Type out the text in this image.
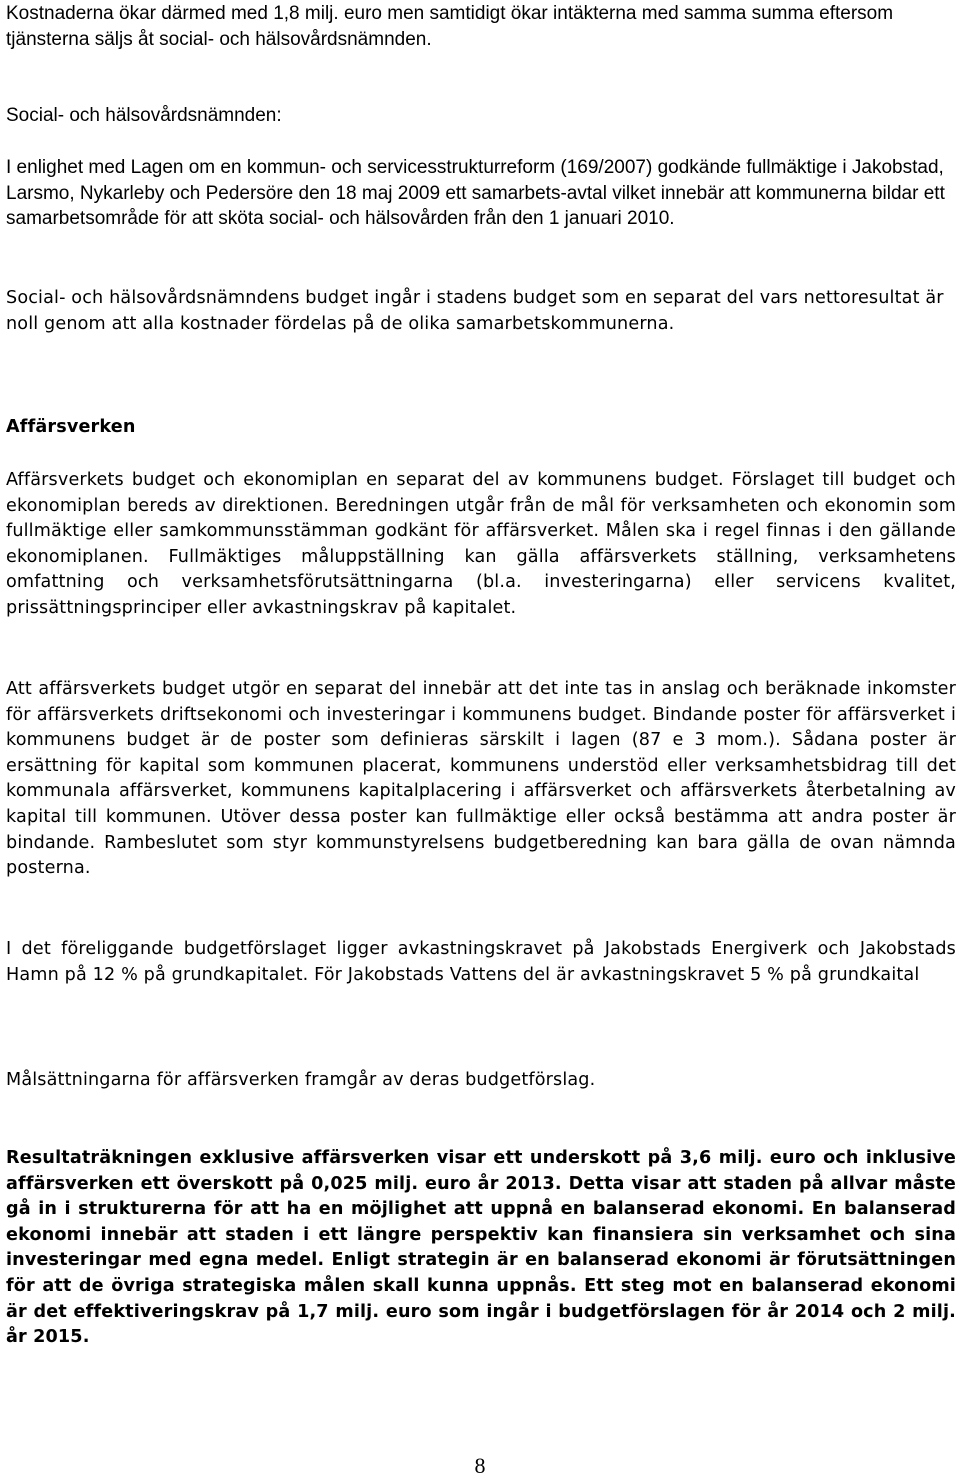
Kostnaderna ökar därmed med 1,8 milj. euro men samtidigt ökar intäkterna med samma summa eftersom tjänsterna säljs åt social- och hälsovårdsnämnden.

Social- och hälsovårdsnämnden:

I enlighet med Lagen om en kommun- och servicesstrukturreform (169/2007) godkände fullmäktige i Jakobstad, Larsmo, Nykarleby och Pedersöre den 18 maj 2009 ett samarbets-avtal vilket innebär att kommunerna bildar ett samarbetsområde för att sköta social- och hälsovården från den 1 januari 2010.

Social- och hälsovårdsnämndens budget ingår i stadens budget som en separat del vars nettoresultat är noll genom att alla kostnader fördelas på de olika samarbetskommunerna.

Affärsverken

Affärsverkets budget och ekonomiplan en separat del av kommunens budget. Förslaget till budget och ekonomiplan bereds av direktionen. Beredningen utgår från de mål för verksamheten och ekonomin som fullmäktige eller samkommunsstämman godkänt för affärsverket. Målen ska i regel finnas i den gällande ekonomiplanen. Fullmäktiges måluppställning kan gälla affärsverkets ställning, verksamhetens omfattning och verksamhetsförutsättningarna (bl.a. investeringarna) eller servicens kvalitet, prissättningsprinciper eller avkastningskrav på kapitalet.

Att affärsverkets budget utgör en separat del innebär att det inte tas in anslag och beräknade inkomster för affärsverkets driftsekonomi och investeringar i kommunens budget. Bindande poster för affärsverket i kommunens budget är de poster som definieras särskilt i lagen (87 e 3 mom.). Sådana poster är ersättning för kapital som kommunen placerat, kommunens understöd eller verksamhetsbidrag till det kommunala affärsverket, kommunens kapitalplacering i affärsverket och affärsverkets återbetalning av kapital till kommunen. Utöver dessa poster kan fullmäktige eller också bestämma att andra poster är bindande. Rambeslutet som styr kommunstyrelsens budgetberedning kan bara gälla de ovan nämnda posterna.

I det föreliggande budgetförslaget ligger avkastningskravet på Jakobstads Energiverk och Jakobstads Hamn på 12 % på grundkapitalet. För Jakobstads Vattens del är avkastningskravet 5 % på grundkaital

Målsättningarna för affärsverken framgår av deras budgetförslag.

Resultaträkningen exklusive affärsverken visar ett underskott på 3,6 milj. euro och inklusive affärsverken ett överskott på 0,025 milj. euro år 2013. Detta visar att staden på allvar måste gå in i strukturerna för att ha en möjlighet att uppnå en balanserad ekonomi. En balanserad ekonomi innebär att staden i ett längre perspektiv kan finansiera sin verksamhet och sina investeringar med egna medel. Enligt strategin är en balanserad ekonomi är förutsättningen för att de övriga strategiska målen skall kunna uppnås. Ett steg mot en balanserad ekonomi är det effektiveringskrav på 1,7 milj. euro som ingår i budgetförslagen för år 2014 och 2 milj. år 2015.

8
